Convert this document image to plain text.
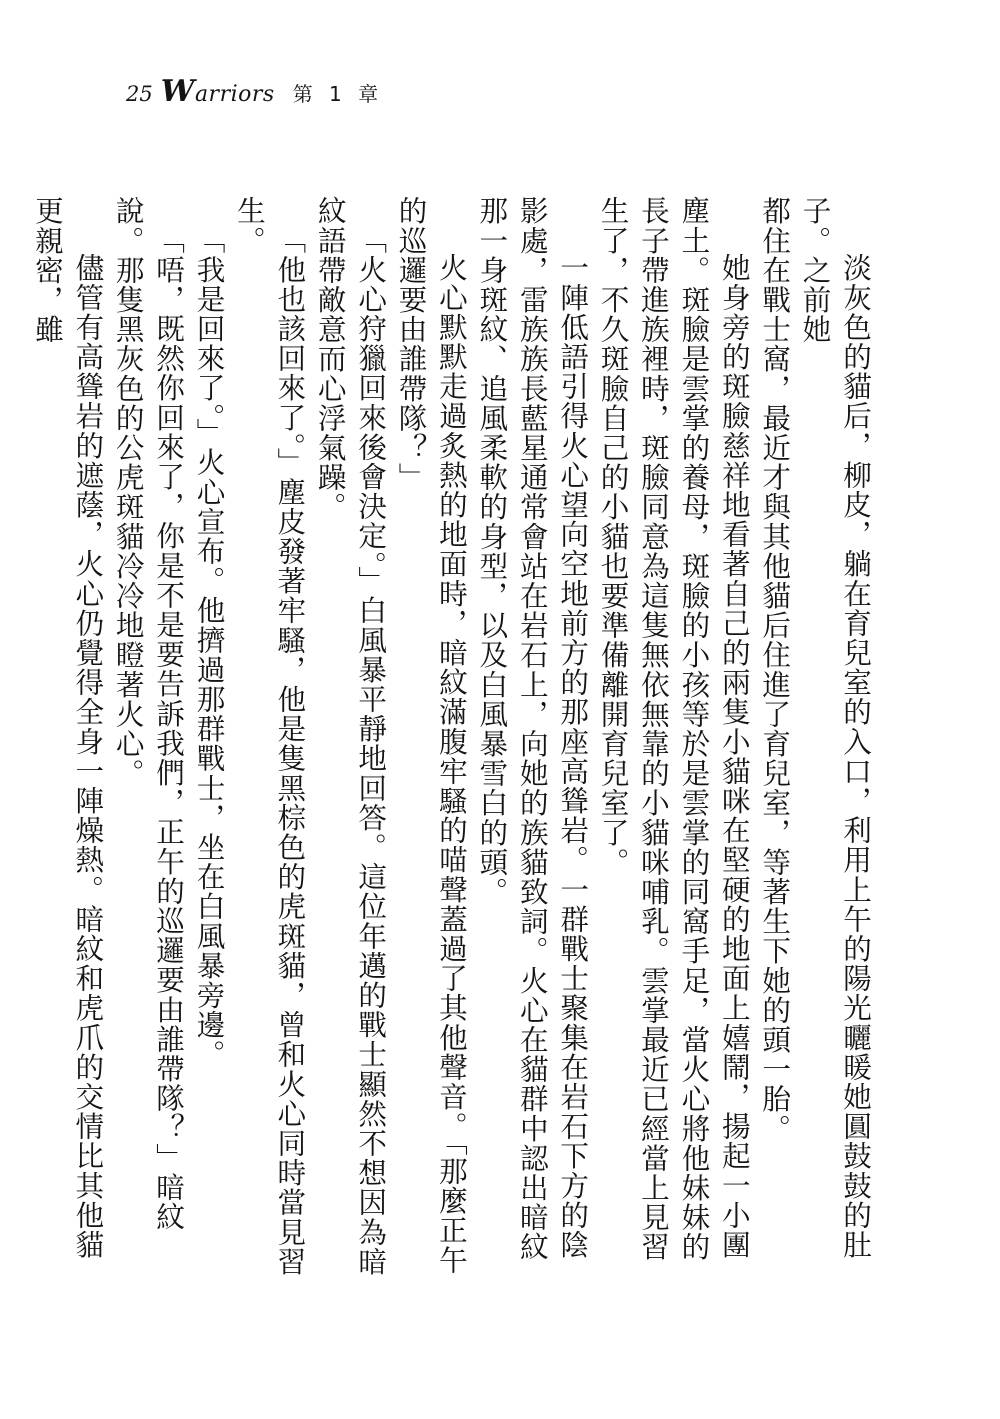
25 Warriors 第 1 章

淡灰色的貓后，柳皮，躺在育兒室的入口，利用上午的陽光曬暖她圓鼓鼓的肚子。之前她

都住在戰士窩，最近才與其他貓后住進了育兒室，等著生下她的頭一胎。

她身旁的斑臉慈祥地看著自己的兩隻小貓咪在堅硬的地面上嬉鬧，揚起一小團塵土。斑臉是雲掌的養母，斑臉的小孩等於是雲掌的同窩手足，當火心將他妹妹的長子帶進族裡時，斑臉同意為這隻無依無靠的小貓咪哺乳。雲掌最近已經當上見習生了，不久斑臉自己的小貓也要準備離開育兒室了。

一陣低語引得火心望向空地前方的那座高聳岩。一群戰士聚集在岩石下方的陰影處，雷族族長藍星通常會站在岩石上，向她的族貓致詞。火心在貓群中認出暗紋那一身斑紋、追風柔軟的身型，以及白風暴雪白的頭。

火心默默走過炙熱的地面時，暗紋滿腹牢騷的喵聲蓋過了其他聲音。「那麼正午的巡邏要由誰帶隊？」

「火心狩獵回來後會決定。」白風暴平靜地回答。這位年邁的戰士顯然不想因為暗紋語帶敵意而心浮氣躁。

「他也該回來了。」塵皮發著牢騷，他是隻黑棕色的虎斑貓，曾和火心同時當見習生。

「我是回來了。」火心宣布。他擠過那群戰士，坐在白風暴旁邊。

「唔，既然你回來了，你是不是要告訴我們，正午的巡邏要由誰帶隊？」暗紋說。那隻黑灰色的公虎斑貓冷冷地瞪著火心。

儘管有高聳岩的遮蔭，火心仍覺得全身一陣燥熱。暗紋和虎爪的交情比其他貓更親密，雖
